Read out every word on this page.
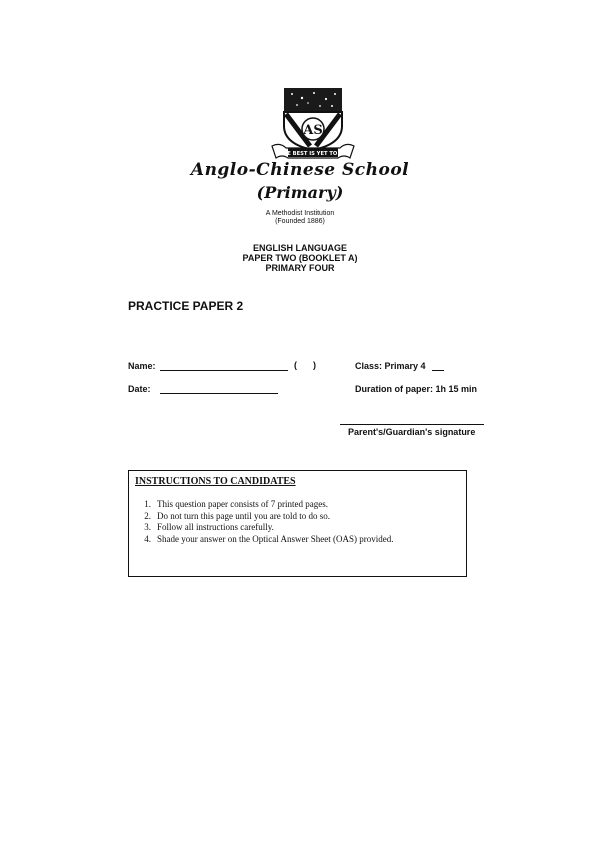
AS
THE BEST IS YET TO BE
Anglo-Chinese School
(Primary)
A Methodist Institution
(Founded 1886)
ENGLISH LANGUAGE
PAPER TWO (BOOKLET A)
PRIMARY FOUR
PRACTICE PAPER 2
Name:	( )	Class: Primary 4
Date:	Duration of paper: 1h 15 min
Parent's/Guardian's signature
INSTRUCTIONS TO CANDIDATES
1. This question paper consists of 7 printed pages.
2. Do not turn this page until you are told to do so.
3. Follow all instructions carefully.
4. Shade your answer on the Optical Answer Sheet (OAS) provided.
